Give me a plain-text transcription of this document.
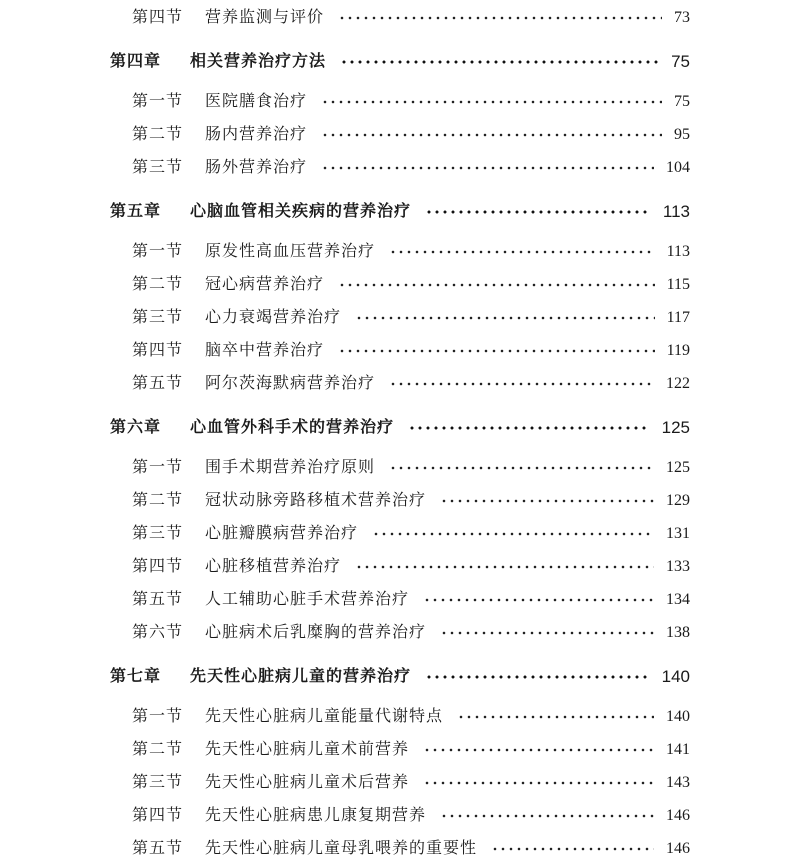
第四节	营养监测与评价	73
第四章	相关营养治疗方法	75
第一节	医院膳食治疗	75
第二节	肠内营养治疗	95
第三节	肠外营养治疗	104
第五章	心脑血管相关疾病的营养治疗	113
第一节	原发性高血压营养治疗	113
第二节	冠心病营养治疗	115
第三节	心力衰竭营养治疗	117
第四节	脑卒中营养治疗	119
第五节	阿尔茨海默病营养治疗	122
第六章	心血管外科手术的营养治疗	125
第一节	围手术期营养治疗原则	125
第二节	冠状动脉旁路移植术营养治疗	129
第三节	心脏瓣膜病营养治疗	131
第四节	心脏移植营养治疗	133
第五节	人工辅助心脏手术营养治疗	134
第六节	心脏病术后乳糜胸的营养治疗	138
第七章	先天性心脏病儿童的营养治疗	140
第一节	先天性心脏病儿童能量代谢特点	140
第二节	先天性心脏病儿童术前营养	141
第三节	先天性心脏病儿童术后营养	143
第四节	先天性心脏病患儿康复期营养	146
第五节	先天性心脏病儿童母乳喂养的重要性	146
